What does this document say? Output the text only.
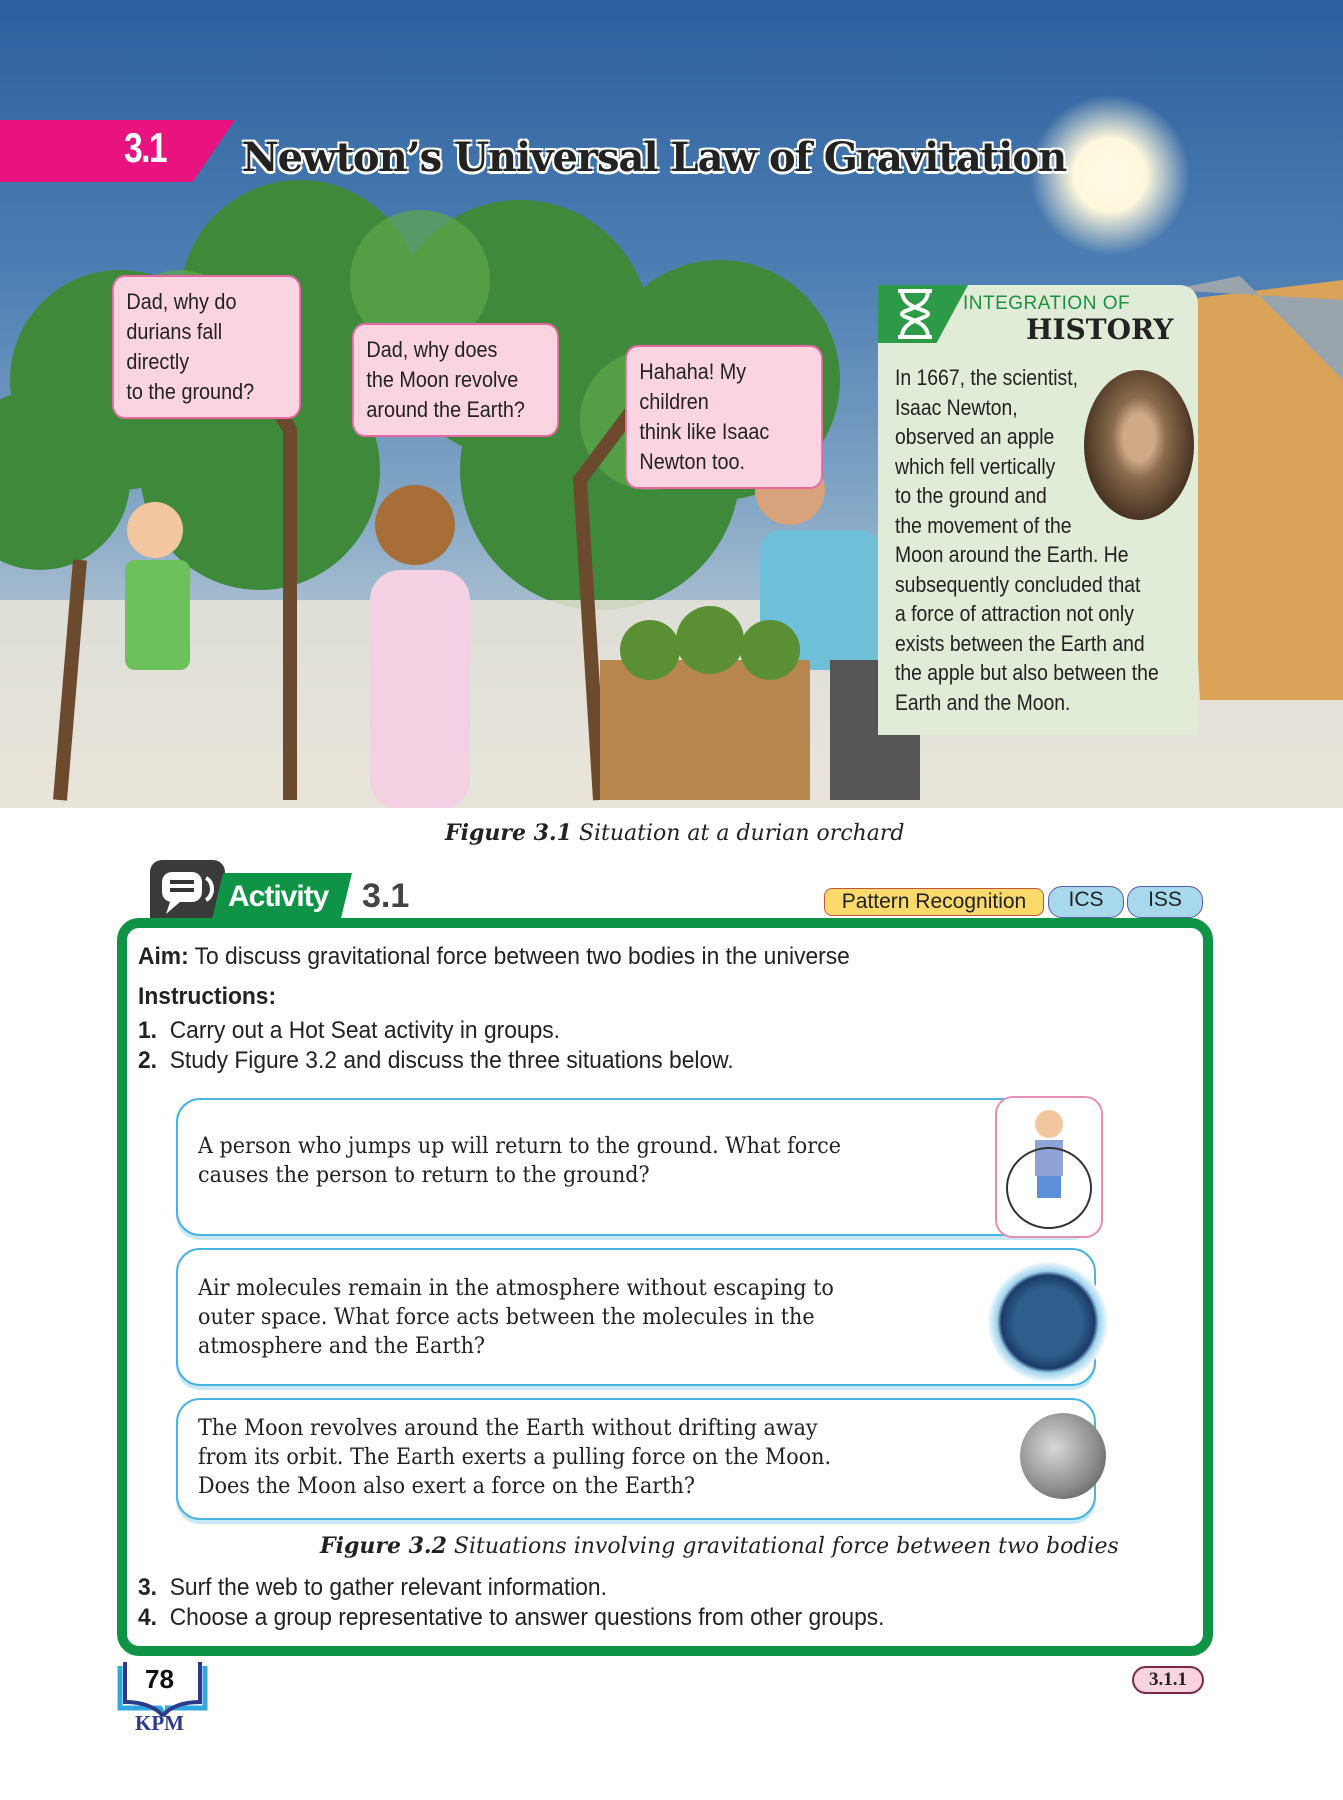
3.1 Newton’s Universal Law of Gravitation
Dad, why do
durians fall directly
to the ground?
Dad, why does
the Moon revolve
around the Earth?
Hahaha! My children
think like Isaac
Newton too.
INTEGRATION OF
HISTORY
In 1667, the scientist,
Isaac Newton,
observed an apple
which fell vertically
to the ground and
the movement of the
Moon around the Earth. He
subsequently concluded that
a force of attraction not only
exists between the Earth and
the apple but also between the
Earth and the Moon.
Figure 3.1 Situation at a durian orchard
Activity 3.1	Pattern Recognition	ICS	ISS
Aim: To discuss gravitational force between two bodies in the universe
Instructions:
1. Carry out a Hot Seat activity in groups.
2. Study Figure 3.2 and discuss the three situations below.

A person who jumps up will return to the ground. What force causes the person to return to the ground?

Air molecules remain in the atmosphere without escaping to outer space. What force acts between the molecules in the atmosphere and the Earth?

The Moon revolves around the Earth without drifting away from its orbit. The Earth exerts a pulling force on the Moon. Does the Moon also exert a force on the Earth?

Figure 3.2 Situations involving gravitational force between two bodies
3. Surf the web to gather relevant information.
4. Choose a group representative to answer questions from other groups.
78
KPM
3.1.1
